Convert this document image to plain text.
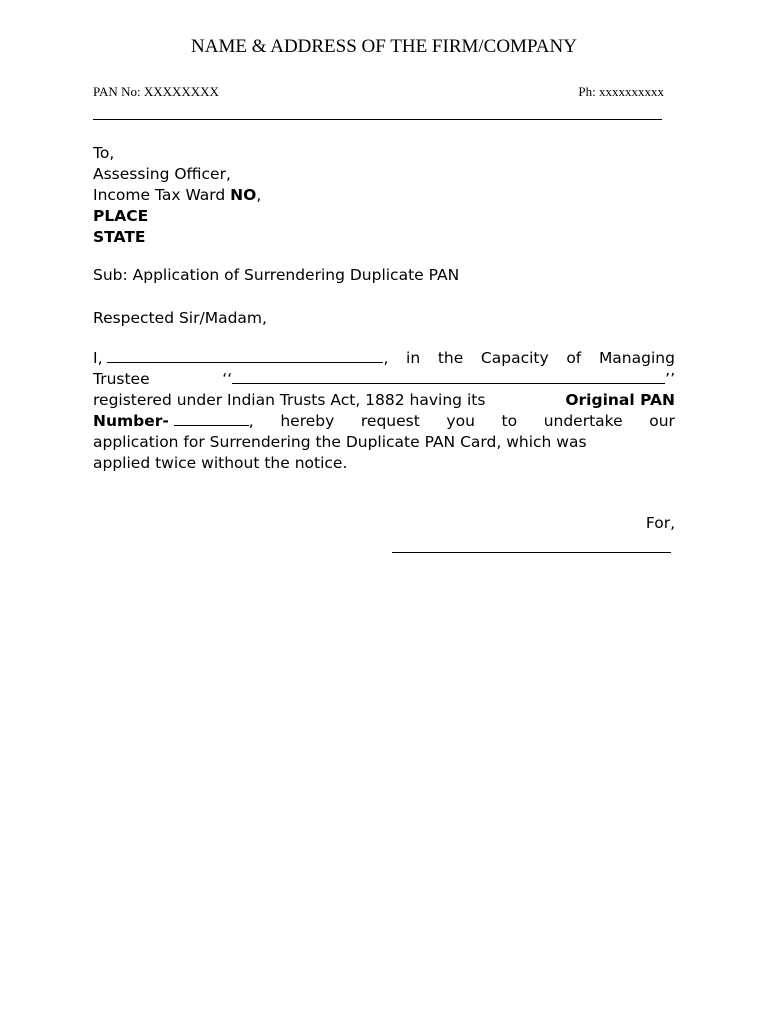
NAME & ADDRESS OF THE FIRM/COMPANY
PAN No: XXXXXXXX	Ph: xxxxxxxxxx
To,
Assessing Officer,
Income Tax Ward NO,
PLACE
STATE
Sub: Application of Surrendering Duplicate PAN
Respected Sir/Madam,
I,	, in the Capacity of Managing
Trustee	‘‘	’’
registered under Indian Trusts Act, 1882 having its	Original PAN
Number-	, hereby request you to undertake our
application for Surrendering the Duplicate PAN Card, which was
applied twice without the notice.
For,
